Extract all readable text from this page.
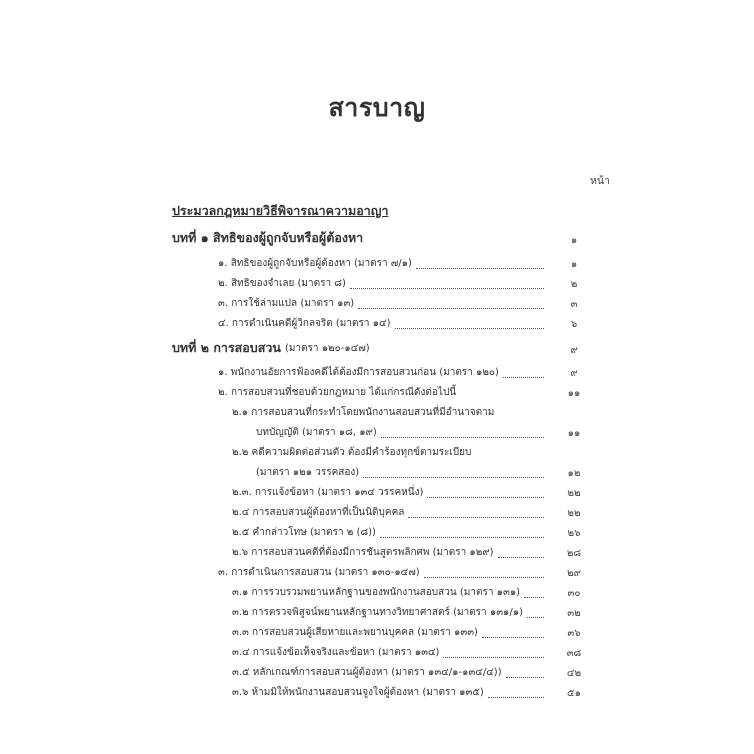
สารบาญ
หน้า
ประมวลกฎหมายวิธีพิจารณาความอาญา
บทที่ ๑ สิทธิของผู้ถูกจับหรือผู้ต้องหา	๑
๑. สิทธิของผู้ถูกจับหรือผู้ต้องหา (มาตรา ๗/๑)	๑
๒. สิทธิของจำเลย (มาตรา ๘)	๒
๓. การใช้ล่ามแปล (มาตรา ๑๓)	๓
๔. การดำเนินคดีผู้วิกลจริต (มาตรา ๑๔)	๖
บทที่ ๒ การสอบสวน (มาตรา ๑๒๐-๑๔๗)	๙
๑. พนักงานอัยการฟ้องคดีได้ต้องมีการสอบสวนก่อน (มาตรา ๑๒๐)	๙
๒. การสอบสวนที่ชอบด้วยกฎหมาย ได้แก่กรณีดังต่อไปนี้	๑๑
๒.๑ การสอบสวนที่กระทำโดยพนักงานสอบสวนที่มีอำนาจตาม
บทบัญญัติ (มาตรา ๑๘, ๑๙)	๑๑
๒.๒ คดีความผิดต่อส่วนตัว ต้องมีคำร้องทุกข์ตามระเบียบ
(มาตรา ๑๒๑ วรรคสอง)	๑๒
๒.๓. การแจ้งข้อหา (มาตรา ๑๓๔ วรรคหนึ่ง)	๒๒
๒.๔ การสอบสวนผู้ต้องหาที่เป็นนิติบุคคล	๒๒
๒.๕ คำกล่าวโทษ (มาตรา ๒ (๘))	๒๖
๒.๖ การสอบสวนคดีที่ต้องมีการชันสูตรพลิกศพ (มาตรา ๑๒๙)	๒๘
๓. การดำเนินการสอบสวน (มาตรา ๑๓๐-๑๔๗)	๒๙
๓.๑ การรวบรวมพยานหลักฐานของพนักงานสอบสวน (มาตรา ๑๓๑)	๓๐
๓.๒ การตรวจพิสูจน์พยานหลักฐานทางวิทยาศาสตร์ (มาตรา ๑๓๑/๑)	๓๒
๓.๓ การสอบสวนผู้เสียหายและพยานบุคคล (มาตรา ๑๓๓)	๓๖
๓.๔ การแจ้งข้อเท็จจริงและข้อหา (มาตรา ๑๓๔)	๓๘
๓.๕ หลักเกณฑ์การสอบสวนผู้ต้องหา (มาตรา ๑๓๔/๑-๑๓๔/๔))	๔๒
๓.๖ ห้ามมิให้พนักงานสอบสวนจูงใจผู้ต้องหา (มาตรา ๑๓๕)	๕๑
